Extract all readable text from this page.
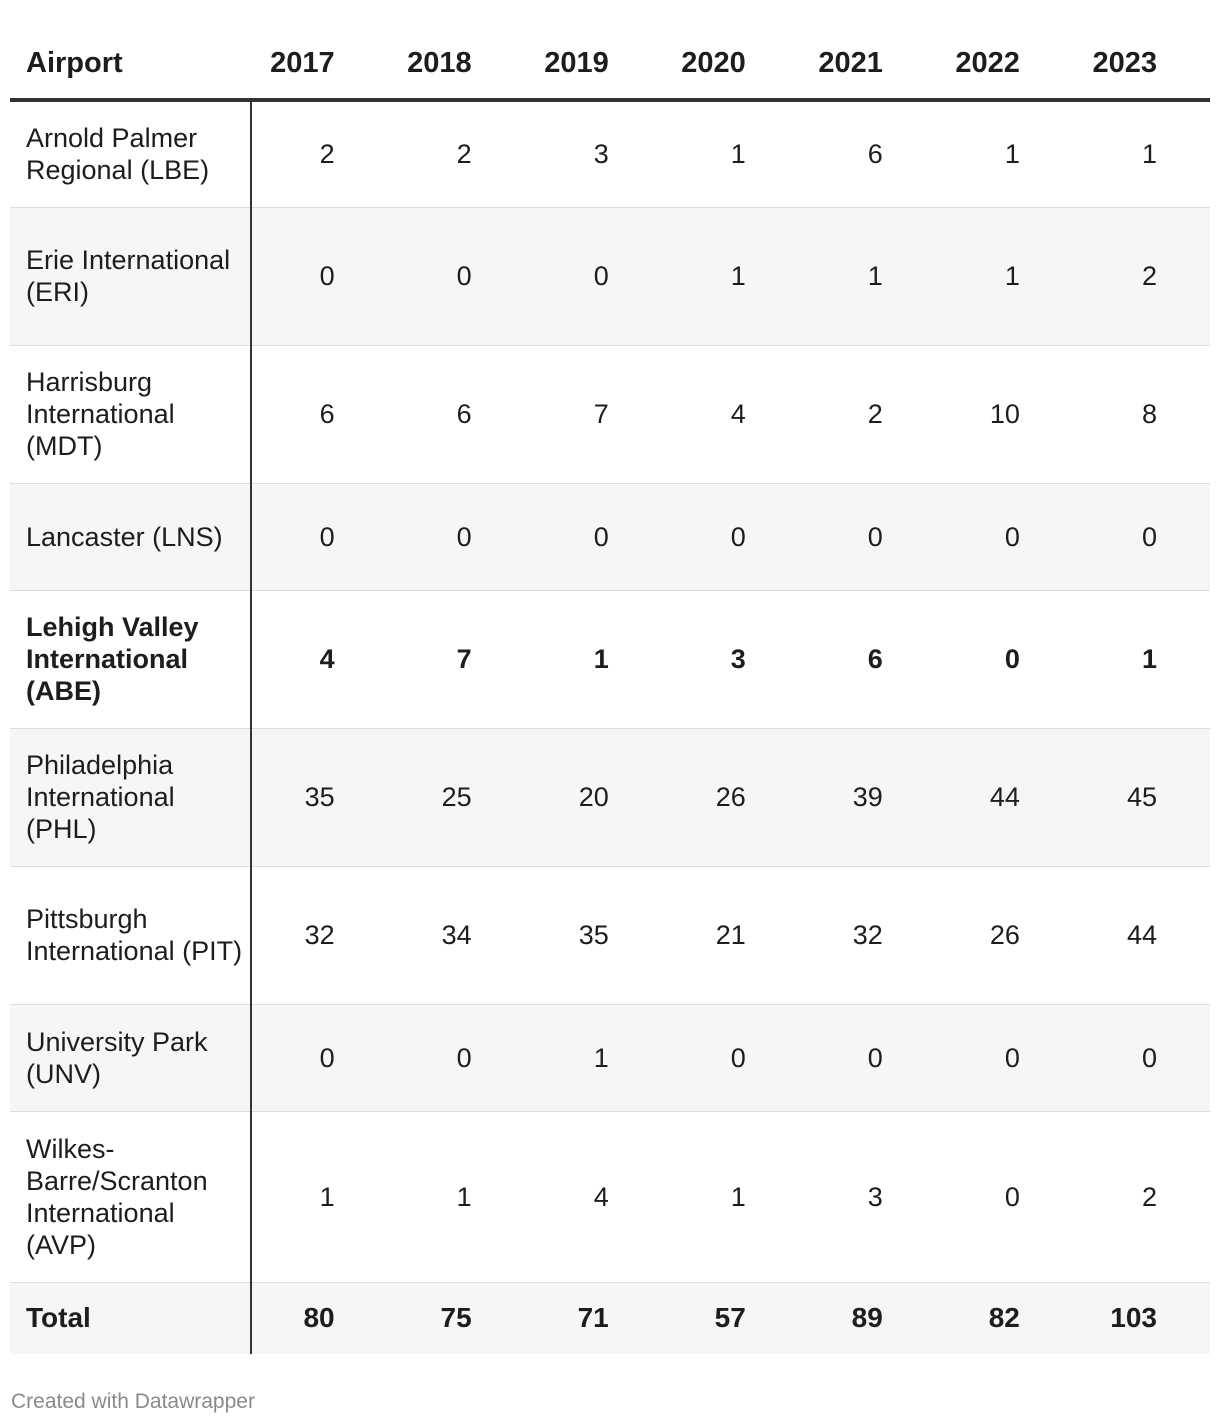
Airport	2017	2018	2019	2020	2021	2022	2023
Arnold Palmer Regional (LBE)	2	2	3	1	6	1	1
Erie International (ERI)	0	0	0	1	1	1	2
Harrisburg International (MDT)	6	6	7	4	2	10	8
Lancaster (LNS)	0	0	0	0	0	0	0
Lehigh Valley International (ABE)	4	7	1	3	6	0	1
Philadelphia International (PHL)	35	25	20	26	39	44	45
Pittsburgh International (PIT)	32	34	35	21	32	26	44
University Park (UNV)	0	0	1	0	0	0	0
Wilkes-Barre/Scranton International (AVP)	1	1	4	1	3	0	2
Total	80	75	71	57	89	82	103
Created with Datawrapper
